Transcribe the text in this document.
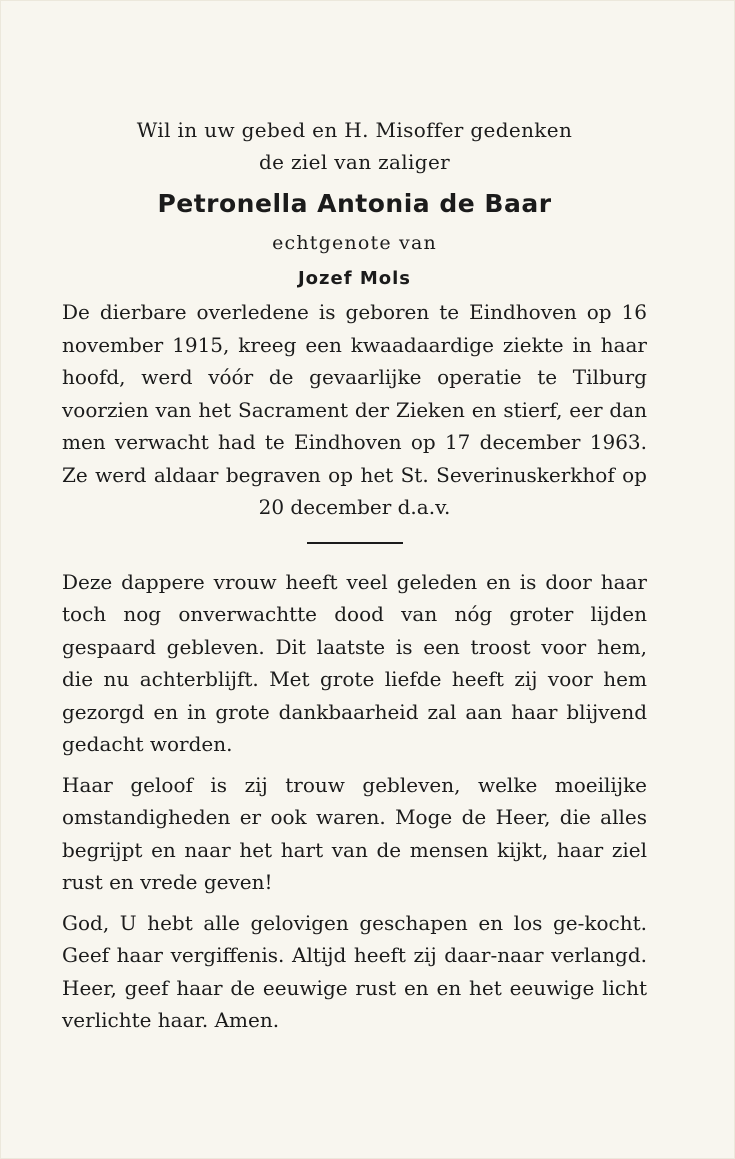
Wil in uw gebed en H. Misoffer gedenken
de ziel van zaliger
Petronella Antonia de Baar
echtgenote van
Jozef Mols

De dierbare overledene is geboren te Eindhoven op 16 november 1915, kreeg een kwaadaardige ziekte in haar hoofd, werd vóór de gevaarlijke operatie te Tilburg voorzien van het Sacrament der Zieken en stierf, eer dan men verwacht had te Eindhoven op 17 december 1963. Ze werd aldaar begraven op het St. Severinuskerkhof op 20 december d.a.v.

Deze dappere vrouw heeft veel geleden en is door haar toch nog onverwachtte dood van nóg groter lijden gespaard gebleven. Dit laatste is een troost voor hem, die nu achterblijft. Met grote liefde heeft zij voor hem gezorgd en in grote dankbaarheid zal aan haar blijvend gedacht worden.

Haar geloof is zij trouw gebleven, welke moeilijke omstandigheden er ook waren. Moge de Heer, die alles begrijpt en naar het hart van de mensen kijkt, haar ziel rust en vrede geven!

God, U hebt alle gelovigen geschapen en los ge-kocht. Geef haar vergiffenis. Altijd heeft zij daar-naar verlangd. Heer, geef haar de eeuwige rust en en het eeuwige licht verlichte haar. Amen.
